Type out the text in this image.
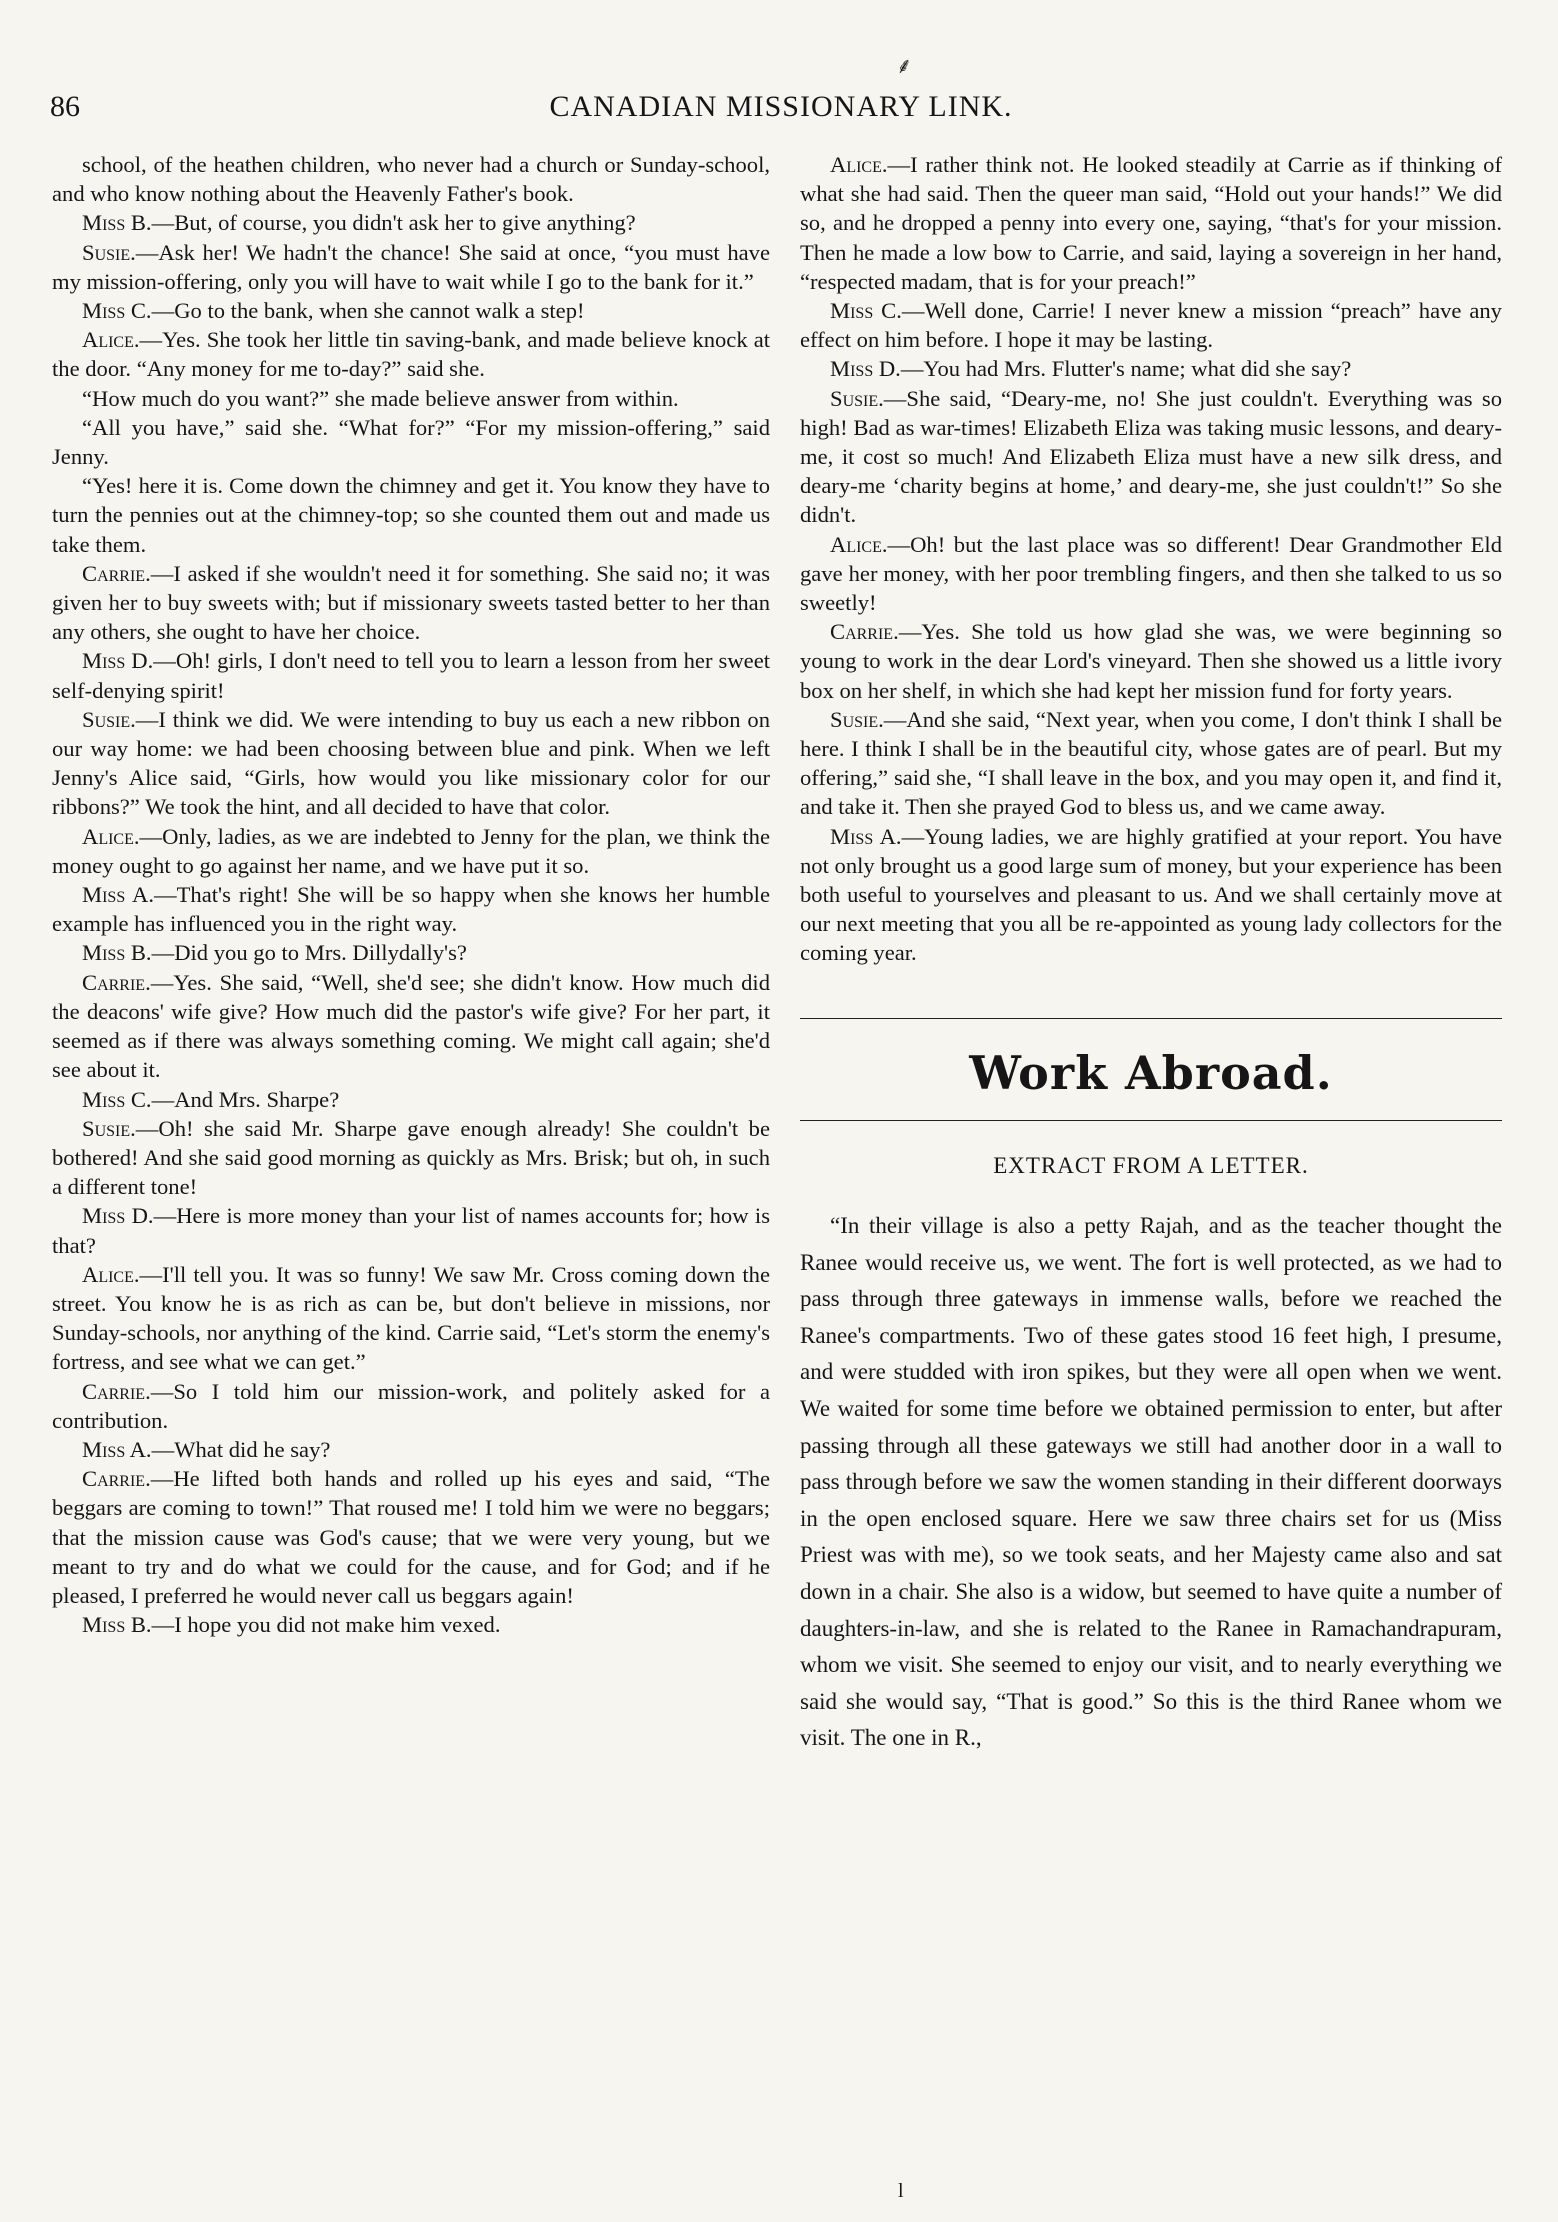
86	CANADIAN MISSIONARY LINK.
⸙

school, of the heathen children, who never had a church or Sunday-school, and who know nothing about the Heavenly Father's book.

Miss B.—But, of course, you didn't ask her to give anything?

Susie.—Ask her! We hadn't the chance! She said at once, “you must have my mission-offering, only you will have to wait while I go to the bank for it.”

Miss C.—Go to the bank, when she cannot walk a step!

Alice.—Yes. She took her little tin saving-bank, and made believe knock at the door. “Any money for me to-day?” said she.

“How much do you want?” she made believe answer from within.

“All you have,” said she. “What for?” “For my mission-offering,” said Jenny.

“Yes! here it is. Come down the chimney and get it. You know they have to turn the pennies out at the chimney-top; so she counted them out and made us take them.

Carrie.—I asked if she wouldn't need it for something. She said no; it was given her to buy sweets with; but if missionary sweets tasted better to her than any others, she ought to have her choice.

Miss D.—Oh! girls, I don't need to tell you to learn a lesson from her sweet self-denying spirit!

Susie.—I think we did. We were intending to buy us each a new ribbon on our way home: we had been choosing between blue and pink. When we left Jenny's Alice said, “Girls, how would you like missionary color for our ribbons?” We took the hint, and all decided to have that color.

Alice.—Only, ladies, as we are indebted to Jenny for the plan, we think the money ought to go against her name, and we have put it so.

Miss A.—That's right! She will be so happy when she knows her humble example has influenced you in the right way.

Miss B.—Did you go to Mrs. Dillydally's?

Carrie.—Yes. She said, “Well, she'd see; she didn't know. How much did the deacons' wife give? How much did the pastor's wife give? For her part, it seemed as if there was always something coming. We might call again; she'd see about it.

Miss C.—And Mrs. Sharpe?

Susie.—Oh! she said Mr. Sharpe gave enough already! She couldn't be bothered! And she said good morning as quickly as Mrs. Brisk; but oh, in such a different tone!

Miss D.—Here is more money than your list of names accounts for; how is that?

Alice.—I'll tell you. It was so funny! We saw Mr. Cross coming down the street. You know he is as rich as can be, but don't believe in missions, nor Sunday-schools, nor anything of the kind. Carrie said, “Let's storm the enemy's fortress, and see what we can get.”

Carrie.—So I told him our mission-work, and politely asked for a contribution.

Miss A.—What did he say?

Carrie.—He lifted both hands and rolled up his eyes and said, “The beggars are coming to town!” That roused me! I told him we were no beggars; that the mission cause was God's cause; that we were very young, but we meant to try and do what we could for the cause, and for God; and if he pleased, I preferred he would never call us beggars again!

Miss B.—I hope you did not make him vexed.

Alice.—I rather think not. He looked steadily at Carrie as if thinking of what she had said. Then the queer man said, “Hold out your hands!” We did so, and he dropped a penny into every one, saying, “that's for your mission. Then he made a low bow to Carrie, and said, laying a sovereign in her hand, “respected madam, that is for your preach!”

Miss C.—Well done, Carrie! I never knew a mission “preach” have any effect on him before. I hope it may be lasting.

Miss D.—You had Mrs. Flutter's name; what did she say?

Susie.—She said, “Deary-me, no! She just couldn't. Everything was so high! Bad as war-times! Elizabeth Eliza was taking music lessons, and deary-me, it cost so much! And Elizabeth Eliza must have a new silk dress, and deary-me ‘charity begins at home,’ and deary-me, she just couldn't!” So she didn't.

Alice.—Oh! but the last place was so different! Dear Grandmother Eld gave her money, with her poor trembling fingers, and then she talked to us so sweetly!

Carrie.—Yes. She told us how glad she was, we were beginning so young to work in the dear Lord's vineyard. Then she showed us a little ivory box on her shelf, in which she had kept her mission fund for forty years.

Susie.—And she said, “Next year, when you come, I don't think I shall be here. I think I shall be in the beautiful city, whose gates are of pearl. But my offering,” said she, “I shall leave in the box, and you may open it, and find it, and take it. Then she prayed God to bless us, and we came away.

Miss A.—Young ladies, we are highly gratified at your report. You have not only brought us a good large sum of money, but your experience has been both useful to yourselves and pleasant to us. And we shall certainly move at our next meeting that you all be re-appointed as young lady collectors for the coming year.

Work Abroad.
EXTRACT FROM A LETTER.

“In their village is also a petty Rajah, and as the teacher thought the Ranee would receive us, we went. The fort is well protected, as we had to pass through three gateways in immense walls, before we reached the Ranee's compartments. Two of these gates stood 16 feet high, I presume, and were studded with iron spikes, but they were all open when we went. We waited for some time before we obtained permission to enter, but after passing through all these gateways we still had another door in a wall to pass through before we saw the women standing in their different doorways in the open enclosed square. Here we saw three chairs set for us (Miss Priest was with me), so we took seats, and her Majesty came also and sat down in a chair. She also is a widow, but seemed to have quite a number of daughters-in-law, and she is related to the Ranee in Ramachandrapuram, whom we visit. She seemed to enjoy our visit, and to nearly everything we said she would say, “That is good.” So this is the third Ranee whom we visit. The one in R.,

l
